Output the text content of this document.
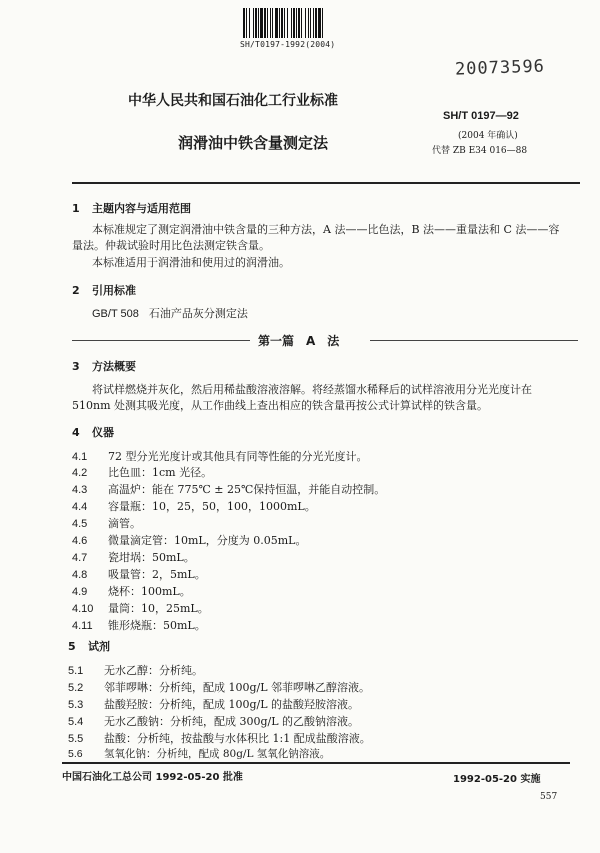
SH/T0197-1992(2004)
20073596
中华人民共和国石油化工行业标准
润滑油中铁含量测定法
SH/T 0197—92
(2004 年确认)
代替 ZB E34 016—88
1 主题内容与适用范围
本标准规定了测定润滑油中铁含量的三种方法，A 法——比色法，B 法——重量法和 C 法——容
量法。仲裁试验时用比色法测定铁含量。
本标准适用于润滑油和使用过的润滑油。
2 引用标准
GB/T 508 石油产品灰分测定法
第一篇　A　法
3 方法概要
将试样燃烧并灰化，然后用稀盐酸溶液溶解。将经蒸馏水稀释后的试样溶液用分光光度计在
510nm 处测其吸光度，从工作曲线上查出相应的铁含量再按公式计算试样的铁含量。
4 仪器
4.1 72 型分光光度计或其他具有同等性能的分光光度计。
4.2 比色皿：1cm 光径。
4.3 高温炉：能在 775℃ ± 25℃保持恒温，并能自动控制。
4.4 容量瓶：10，25，50，100，1000mL。
4.5 滴管。
4.6 微量滴定管：10mL，分度为 0.05mL。
4.7 瓷坩埚：50mL。
4.8 吸量管：2，5mL。
4.9 烧杯：100mL。
4.10 量筒：10，25mL。
4.11 锥形烧瓶：50mL。
5 试剂
5.1 无水乙醇：分析纯。
5.2 邻菲啰啉：分析纯，配成 100g/L 邻菲啰啉乙醇溶液。
5.3 盐酸羟胺：分析纯，配成 100g/L 的盐酸羟胺溶液。
5.4 无水乙酸钠：分析纯，配成 300g/L 的乙酸钠溶液。
5.5 盐酸：分析纯，按盐酸与水体积比 1:1 配成盐酸溶液。
5.6 氢氧化钠：分析纯，配成 80g/L 氢氧化钠溶液。
中国石油化工总公司 1992-05-20 批准	1992-05-20 实施
557
